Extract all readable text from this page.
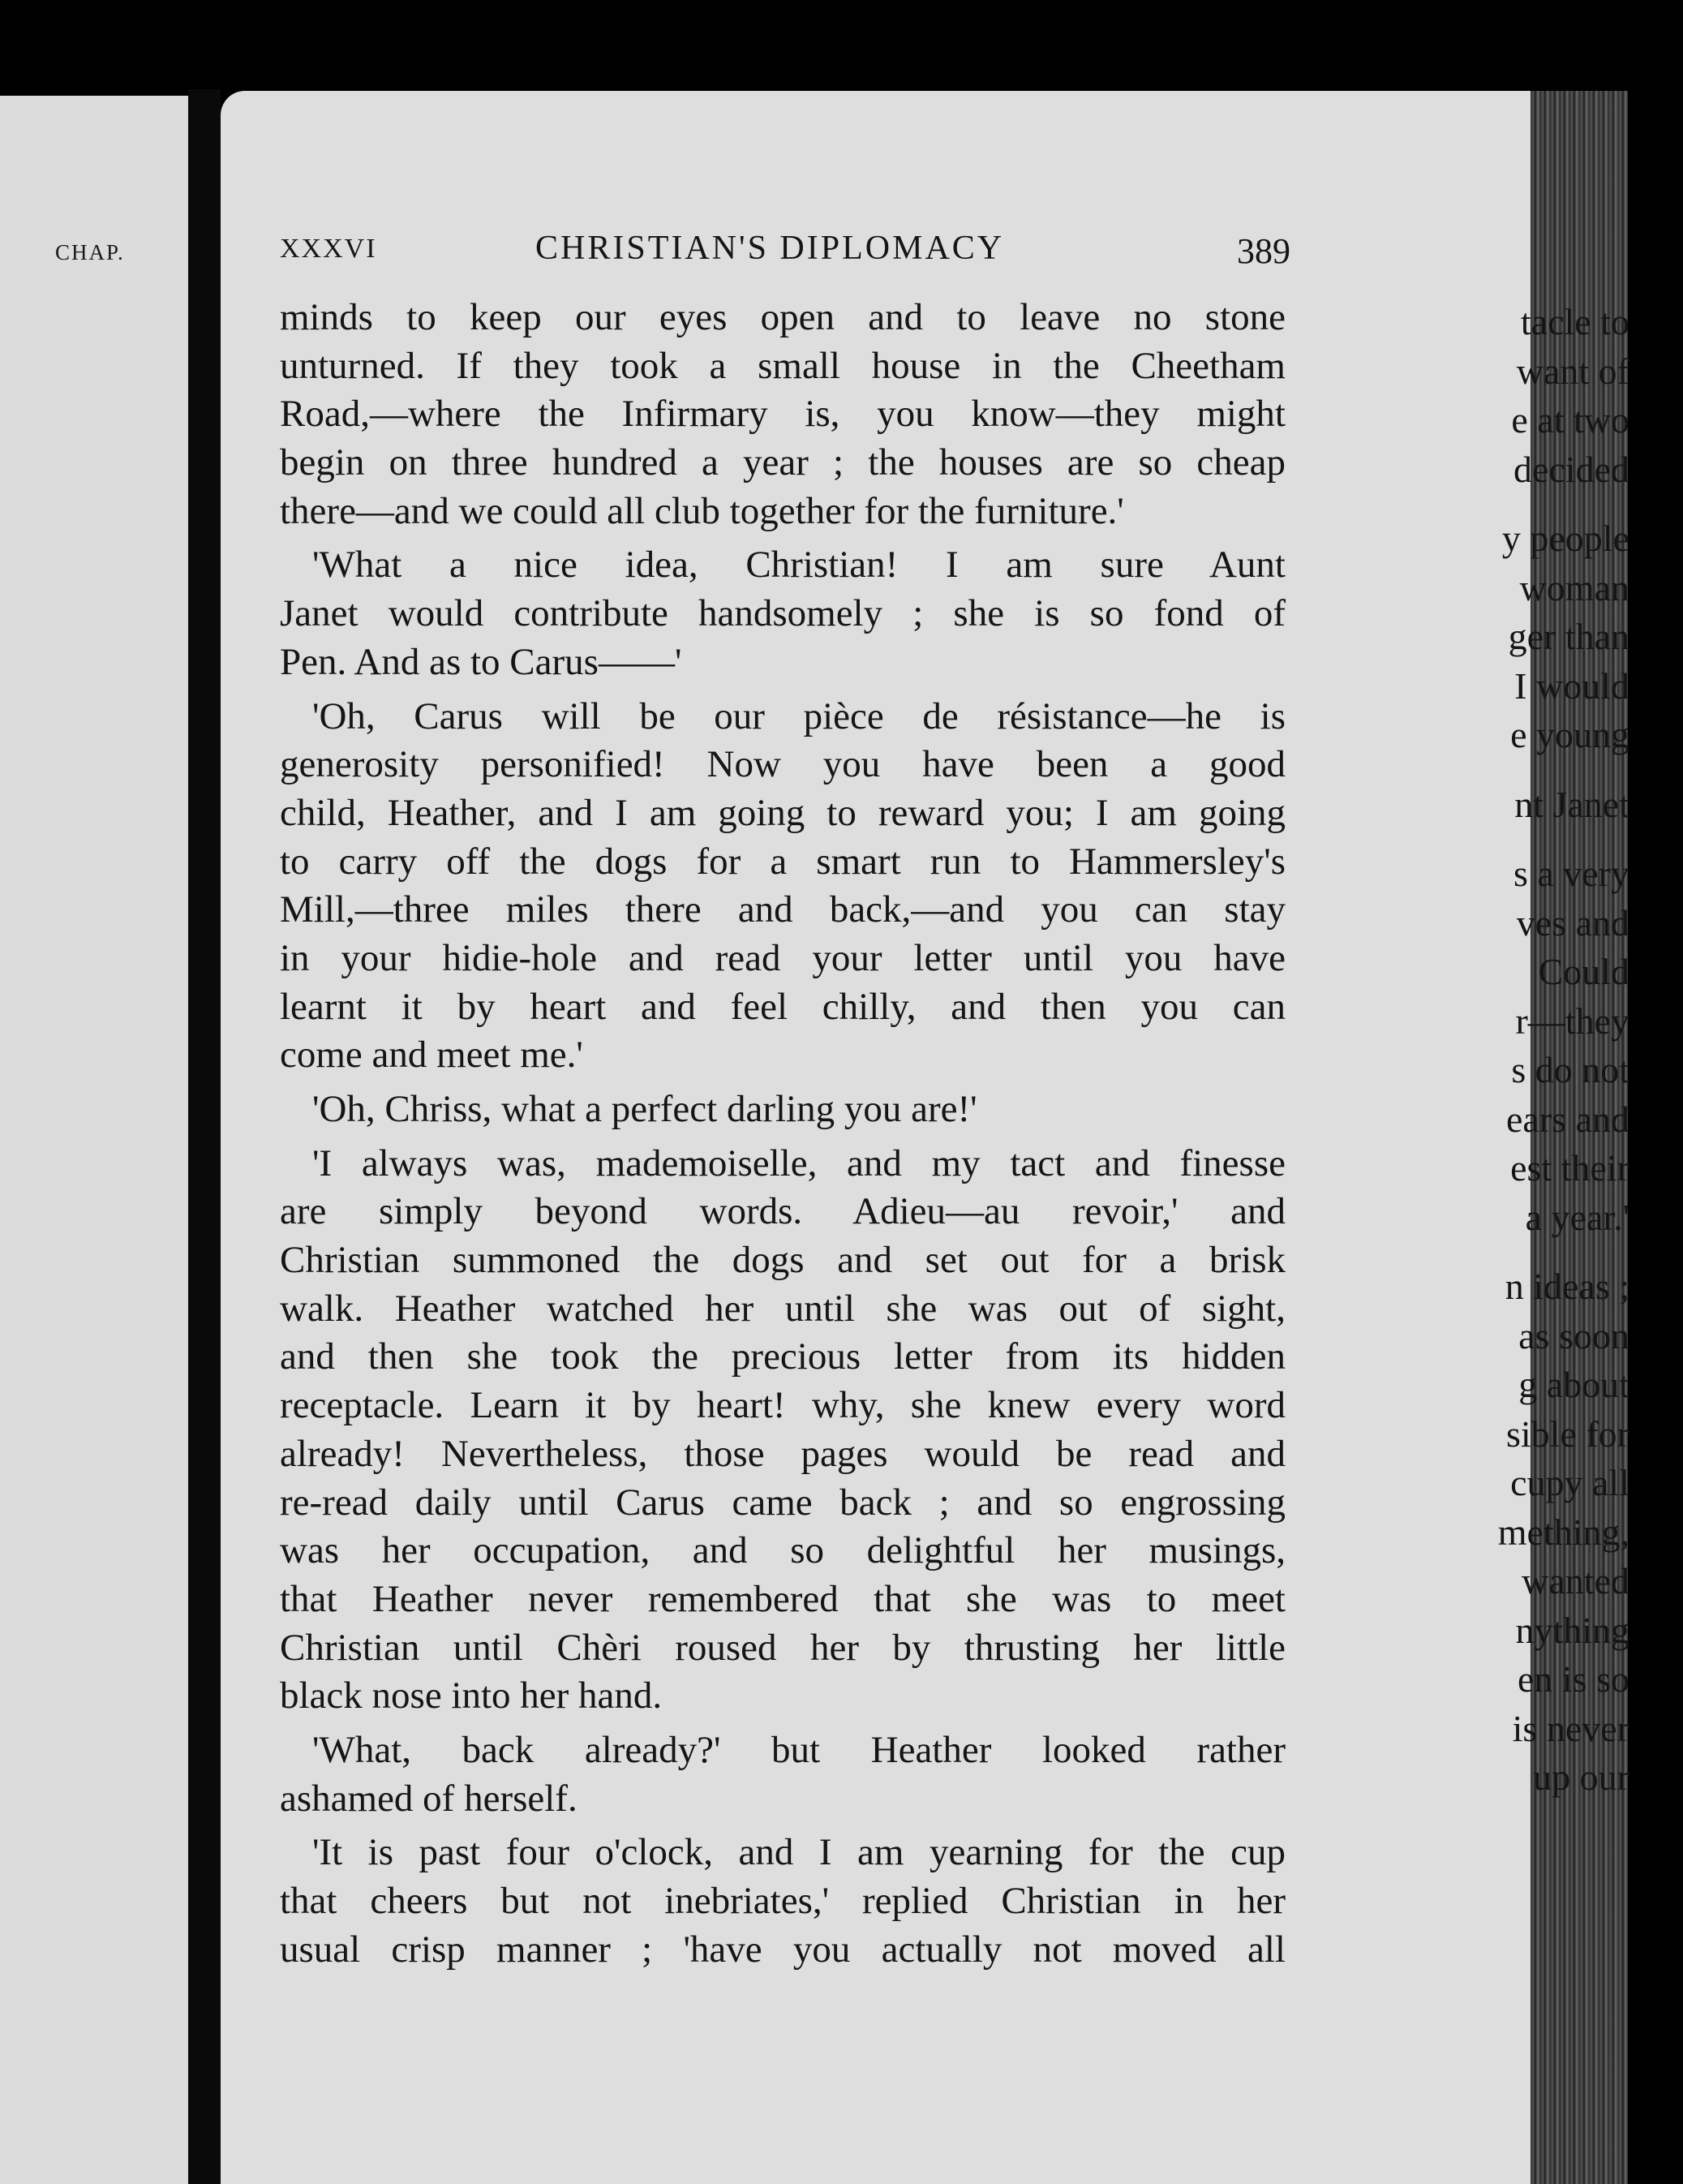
CHAP.
tacle to
want of
e at two
decided
y people
woman
ger than
I would
e young
nt Janet
s a very
ves and
Could
r—they
s do not
ears and
est their
a year.'
n ideas ;
as soon
g about
sible for
cupy all
mething,
wanted
nything
en is so
is never
up our
XXXVI	CHRISTIAN'S DIPLOMACY	389
minds to keep our eyes open and to leave no stone
unturned. If they took a small house in the Cheetham
Road,—where the Infirmary is, you know—they might
begin on three hundred a year ; the houses are so cheap
there—and we could all club together for the furniture.'
'What a nice idea, Christian! I am sure Aunt
Janet would contribute handsomely ; she is so fond of
Pen. And as to Carus——'
'Oh, Carus will be our pièce de résistance—he is
generosity personified! Now you have been a good
child, Heather, and I am going to reward you; I am going
to carry off the dogs for a smart run to Hammersley's
Mill,—three miles there and back,—and you can stay
in your hidie-hole and read your letter until you have
learnt it by heart and feel chilly, and then you can
come and meet me.'
'Oh, Chriss, what a perfect darling you are!'
'I always was, mademoiselle, and my tact and finesse
are simply beyond words. Adieu—au revoir,' and
Christian summoned the dogs and set out for a brisk
walk. Heather watched her until she was out of sight,
and then she took the precious letter from its hidden
receptacle. Learn it by heart! why, she knew every word
already! Nevertheless, those pages would be read and
re-read daily until Carus came back ; and so engrossing
was her occupation, and so delightful her musings,
that Heather never remembered that she was to meet
Christian until Chèri roused her by thrusting her little
black nose into her hand.
'What, back already?' but Heather looked rather
ashamed of herself.
'It is past four o'clock, and I am yearning for the cup
that cheers but not inebriates,' replied Christian in her
usual crisp manner ; 'have you actually not moved all
